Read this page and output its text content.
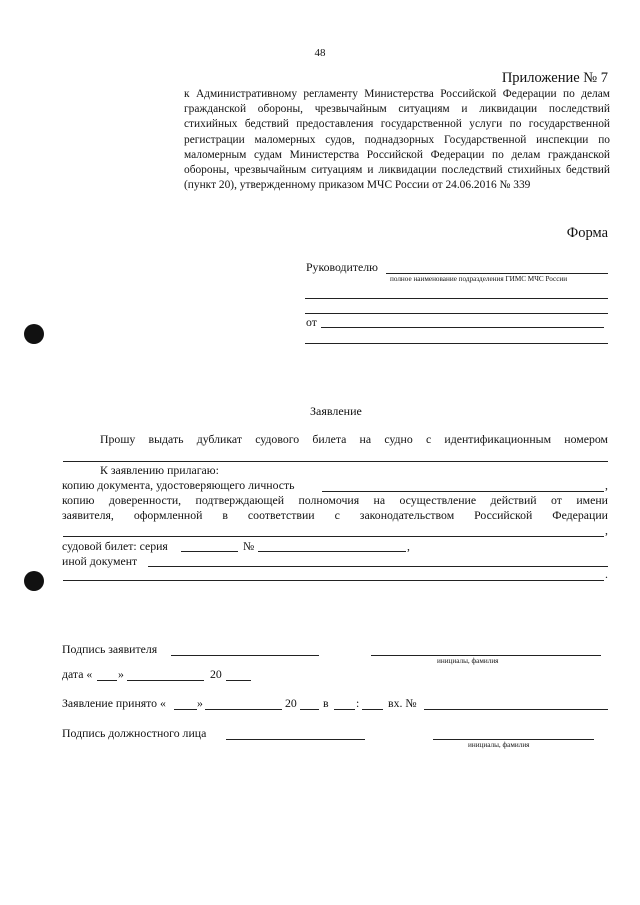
48
Приложение № 7
к Административному регламенту Министерства Российской Федерации по делам гражданской обороны, чрезвычайным ситуациям и ликвидации последствий стихийных бедствий предоставления государственной услуги по государственной регистрации маломерных судов, поднадзорных Государственной инспекции по маломерным судам Министерства Российской Федерации по делам гражданской обороны, чрезвычайным ситуациям и ликвидации последствий стихийных бедствий (пункт 20), утвержденному приказом МЧС России от 24.06.2016 № 339
Форма
Руководителю
полное наименование подразделения ГИМС МЧС России
от
Заявление
Прошу выдать дубликат судового билета на судно с идентификационным номером
К заявлению прилагаю:
копию документа, удостоверяющего личность	,
копию доверенности, подтверждающей полномочия на осуществление действий от имени
заявителя, оформленной в соответствии с законодательством Российской Федерации
,
судовой билет: серия	№	,
иной документ
.
Подпись заявителя
инициалы, фамилия
дата « »	20
Заявление принято «	»	20 в : вх. №
Подпись должностного лица
инициалы, фамилия
